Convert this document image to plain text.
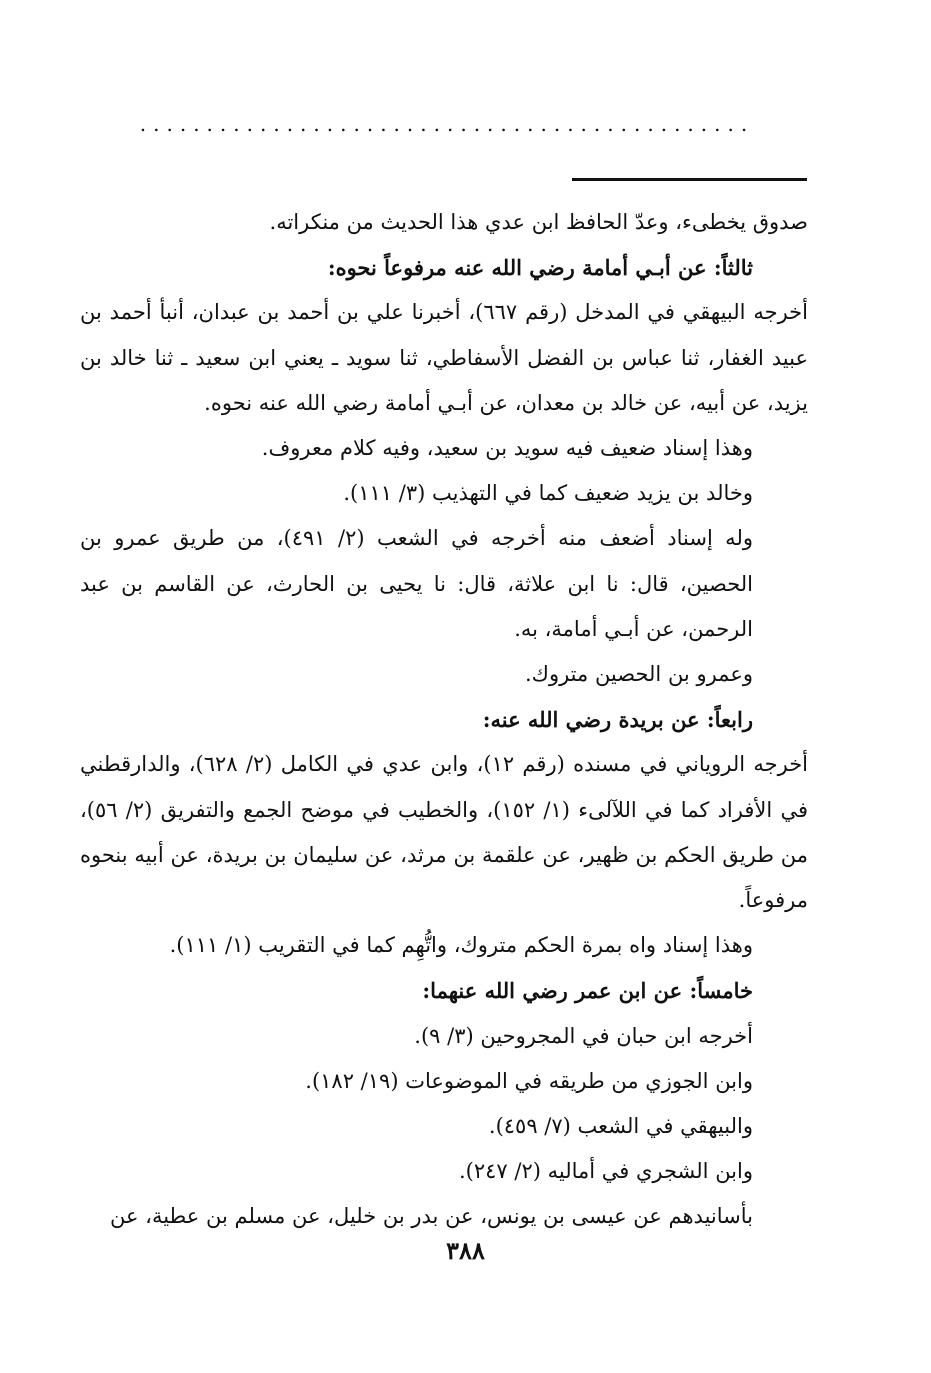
..............................................

صدوق يخطىء، وعدّ الحافظ ابن عدي هذا الحديث من منكراته.

ثالثاً: عن أبـي أمامة رضي الله عنه مرفوعاً نحوه:

أخرجه البيهقي في المدخل (رقم ٦٦٧)، أخبرنا علي بن أحمد بن عبدان، أنبأ أحمد بن عبيد الغفار، ثنا عباس بن الفضل الأسفاطي، ثنا سويد ـ يعني ابن سعيد ـ ثنا خالد بن يزيد، عن أبيه، عن خالد بن معدان، عن أبـي أمامة رضي الله عنه نحوه.

وهذا إسناد ضعيف فيه سويد بن سعيد، وفيه كلام معروف.

وخالد بن يزيد ضعيف كما في التهذيب (٣/ ١١١).

وله إسناد أضعف منه أخرجه في الشعب (٢/ ٤٩١)، من طريق عمرو بن الحصين، قال: نا ابن علاثة، قال: نا يحيى بن الحارث، عن القاسم بن عبد الرحمن، عن أبـي أمامة، به.

وعمرو بن الحصين متروك.

رابعاً: عن بريدة رضي الله عنه:

أخرجه الروياني في مسنده (رقم ١٢)، وابن عدي في الكامل (٢/ ٦٢٨)، والدارقطني في الأفراد كما في اللآلىء (١/ ١٥٢)، والخطيب في موضح الجمع والتفريق (٢/ ٥٦)، من طريق الحكم بن ظهير، عن علقمة بن مرثد، عن سليمان بن بريدة، عن أبيه بنحوه مرفوعاً.

وهذا إسناد واه بمرة الحكم متروك، واتُّهِم كما في التقريب (١/ ١١١).

خامساً: عن ابن عمر رضي الله عنهما:

أخرجه ابن حبان في المجروحين (٣/ ٩).

وابن الجوزي من طريقه في الموضوعات (١٩/ ١٨٢).

والبيهقي في الشعب (٧/ ٤٥٩).

وابن الشجري في أماليه (٢/ ٢٤٧).

بأسانيدهم عن عيسى بن يونس، عن بدر بن خليل، عن مسلم بن عطية، عن

٣٨٨
